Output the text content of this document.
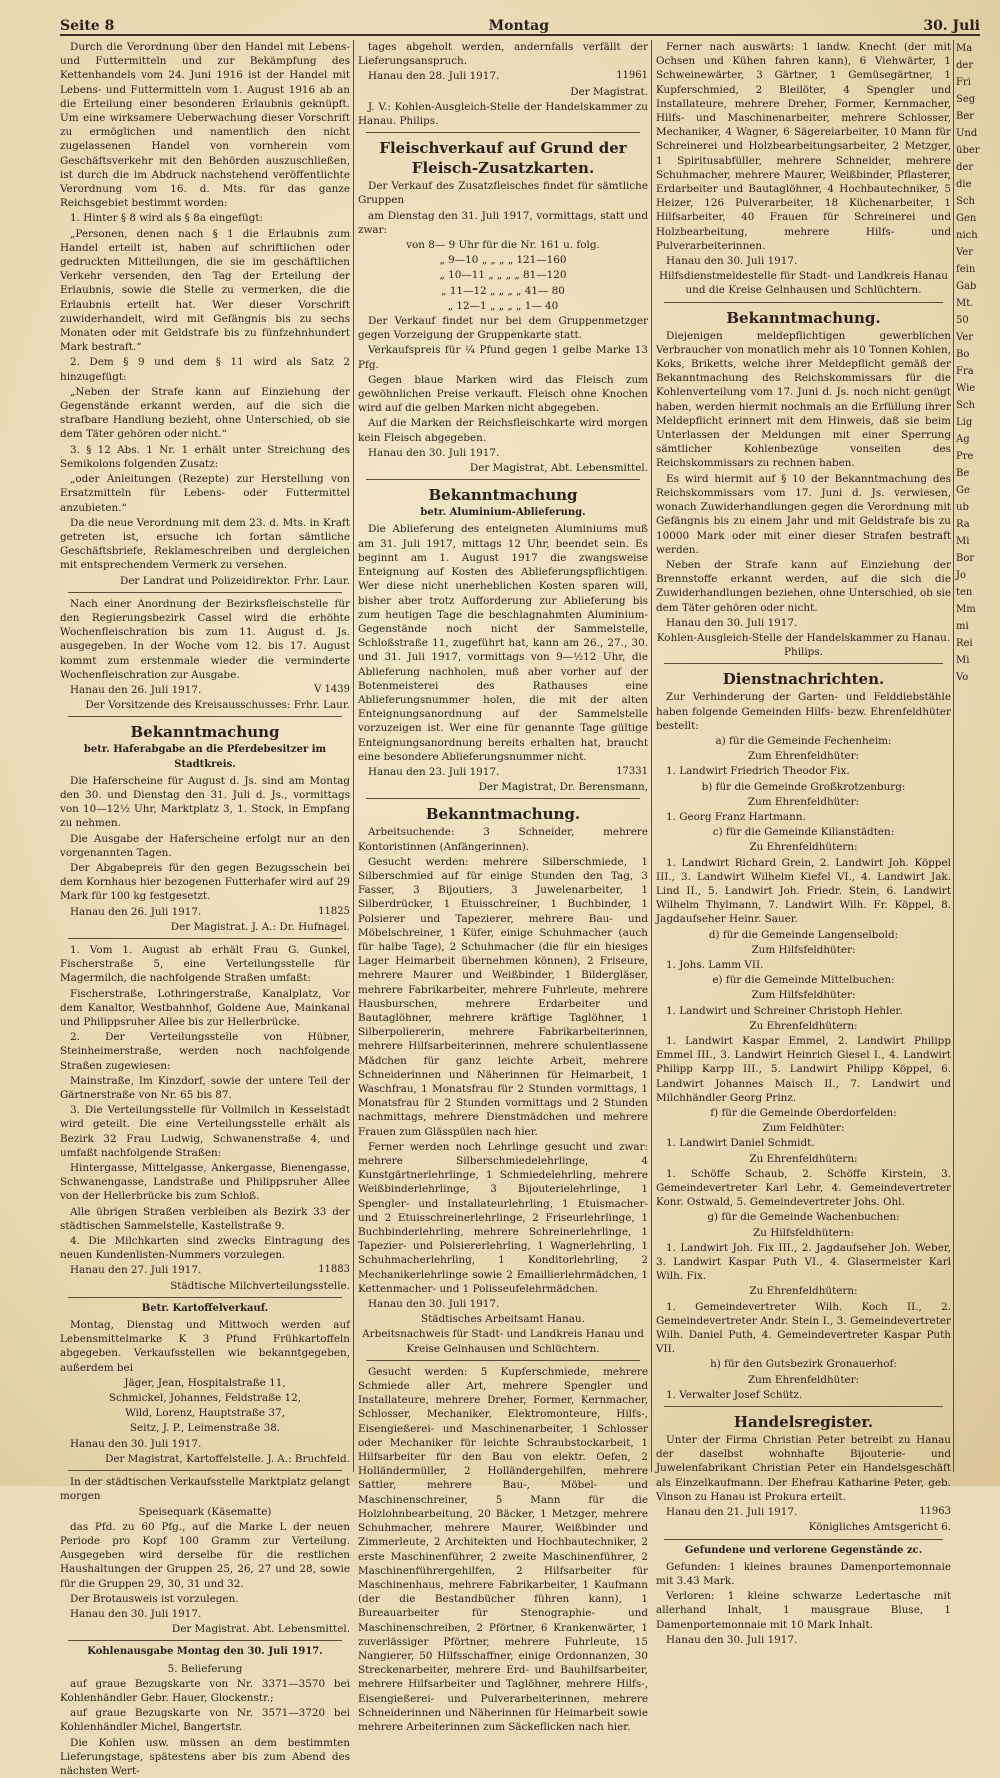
Seite 8	Montag	30. Juli

Durch die Verordnung über den Handel mit Lebens- und Futtermitteln und zur Bekämpfung des Kettenhandels vom 24. Juni 1916 ist der Handel mit Lebens- und Futtermitteln vom 1. August 1916 ab an die Erteilung einer besonderen Erlaubnis geknüpft. Um eine wirksamere Ueberwachung dieser Vorschrift zu ermöglichen und namentlich den nicht zugelassenen Handel von vornherein vom Geschäftsverkehr mit den Behörden auszuschließen, ist durch die im Abdruck nachstehend veröffentlichte Verordnung vom 16. d. Mts. für das ganze Reichsgebiet bestimmt worden:

1. Hinter § 8 wird als § 8a eingefügt:

„Personen, denen nach § 1 die Erlaubnis zum Handel erteilt ist, haben auf schriftlichen oder gedruckten Mitteilungen, die sie im geschäftlichen Verkehr versenden, den Tag der Erteilung der Erlaubnis, sowie die Stelle zu vermerken, die die Erlaubnis erteilt hat. Wer dieser Vorschrift zuwiderhandelt, wird mit Gefängnis bis zu sechs Monaten oder mit Geldstrafe bis zu fünfzehnhundert Mark bestraft.“

2. Dem § 9 und dem § 11 wird als Satz 2 hinzugefügt:

„Neben der Strafe kann auf Einziehung der Gegenstände erkannt werden, auf die sich die strafbare Handlung bezieht, ohne Unterschied, ob sie dem Täter gehören oder nicht.“

3. § 12 Abs. 1 Nr. 1 erhält unter Streichung des Semikolons folgenden Zusatz:

„oder Anleitungen (Rezepte) zur Herstellung von Ersatzmitteln für Lebens- oder Futtermittel anzubieten.“

Da die neue Verordnung mit dem 23. d. Mts. in Kraft getreten ist, ersuche ich fortan sämtliche Geschäftsbriefe, Reklameschreiben und dergleichen mit entsprechendem Vermerk zu versehen.

Der Landrat und Polizeidirektor. Frhr. Laur.

Nach einer Anordnung der Bezirksfleischstelle für den Regierungsbezirk Cassel wird die erhöhte Wochenfleischration bis zum 11. August d. Js. ausgegeben. In der Woche vom 12. bis 17. August kommt zum erstenmale wieder die verminderte Wochenfleischration zur Ausgabe.

V 1439
Hanau den 26. Juli 1917.

Der Vorsitzende des Kreisausschusses: Frhr. Laur.

Bekanntmachung

betr. Haferabgabe an die Pferdebesitzer im Stadtkreis.

Die Haferscheine für August d. Js. sind am Montag den 30. und Dienstag den 31. Juli d. Js., vormittags von 10—12½ Uhr, Marktplatz 3, 1. Stock, in Empfang zu nehmen.

Die Ausgabe der Haferscheine erfolgt nur an den vorgenannten Tagen.

Der Abgabepreis für den gegen Bezugsschein bei dem Kornhaus hier bezogenen Futterhafer wird auf 29 Mark für 100 kg festgesetzt.

11825
Hanau den 26. Juli 1917.

Der Magistrat. J. A.: Dr. Hufnagel.

1. Vom 1. August ab erhält Frau G. Gunkel, Fischerstraße 5, eine Verteilungsstelle für Magermilch, die nachfolgende Straßen umfaßt:

Fischerstraße, Lothringerstraße, Kanalplatz, Vor dem Kanaltor, Westbahnhof, Goldene Aue, Mainkanal und Philippsruher Allee bis zur Hellerbrücke.

2. Der Verteilungsstelle von Hübner, Steinheimerstraße, werden noch nachfolgende Straßen zugewiesen:

Mainstraße, Im Kinzdorf, sowie der untere Teil der Gärtnerstraße von Nr. 65 bis 87.

3. Die Verteilungsstelle für Vollmilch in Kesselstadt wird geteilt. Die eine Verteilungsstelle erhält als Bezirk 32 Frau Ludwig, Schwanenstraße 4, und umfaßt nachfolgende Straßen:

Hintergasse, Mittelgasse, Ankergasse, Bienengasse, Schwanengasse, Landstraße und Philippsruher Allee von der Hellerbrücke bis zum Schloß.

Alle übrigen Straßen verbleiben als Bezirk 33 der städtischen Sammelstelle, Kastellstraße 9.

4. Die Milchkarten sind zwecks Eintragung des neuen Kundenlisten-Nummers vorzulegen.

11883
Hanau den 27. Juli 1917.

Städtische Milchverteilungsstelle.

Betr. Kartoffelverkauf.

Montag, Dienstag und Mittwoch werden auf Lebensmittelmarke K 3 Pfund Frühkartoffeln abgegeben. Verkaufsstellen wie bekanntgegeben, außerdem bei

Jäger, Jean, Hospitalstraße 11,

Schmickel, Johannes, Feldstraße 12,

Wild, Lorenz, Hauptstraße 37,

Seitz, J. P., Leimenstraße 38.

Hanau den 30. Juli 1917.

Der Magistrat, Kartoffelstelle. J. A.: Bruchfeld.

In der städtischen Verkaufsstelle Marktplatz gelangt morgen

Speisequark (Käsematte)

das Pfd. zu 60 Pfg., auf die Marke L der neuen Periode pro Kopf 100 Gramm zur Verteilung. Ausgegeben wird derselbe für die restlichen Haushaltungen der Gruppen 25, 26, 27 und 28, sowie für die Gruppen 29, 30, 31 und 32.

Der Brotausweis ist vorzulegen.

Hanau den 30. Juli 1917.

Der Magistrat. Abt. Lebensmittel.

Kohlenausgabe Montag den 30. Juli 1917.

5. Belieferung

auf graue Bezugskarte von Nr. 3371—3570 bei Kohlenhändler Gebr. Hauer, Glockenstr.;

auf graue Bezugskarte von Nr. 3571—3720 bei Kohlenhändler Michel, Bangertstr.

Die Kohlen usw. müssen an dem bestimmten Lieferungstage, spätestens aber bis zum Abend des nächsten Wert-

tages abgeholt werden, andernfalls verfällt der Lieferungsanspruch.

11961
Hanau den 28. Juli 1917.

Der Magistrat.

J. V.: Kohlen-Ausgleich-Stelle der Handelskammer zu Hanau. Philips.

Fleischverkauf auf Grund der Fleisch-Zusatzkarten.

Der Verkauf des Zusatzfleisches findet für sämtliche Gruppen

am Dienstag den 31. Juli 1917, vormittags, statt und zwar:

von 8— 9 Uhr für die Nr. 161 u. folg.

„ 9—10 „ „ „ „ 121—160

„ 10—11 „ „ „ „ 81—120

„ 11—12 „ „ „ „ 41— 80

„ 12—1 „ „ „ „ 1— 40

Der Verkauf findet nur bei dem Gruppenmetzger gegen Vorzeigung der Gruppenkarte statt.

Verkaufspreis für ¼ Pfund gegen 1 gelbe Marke 13 Pfg.

Gegen blaue Marken wird das Fleisch zum gewöhnlichen Preise verkauft. Fleisch ohne Knochen wird auf die gelben Marken nicht abgegeben.

Auf die Marken der Reichsfleischkarte wird morgen kein Fleisch abgegeben.

Hanau den 30. Juli 1917.

Der Magistrat, Abt. Lebensmittel.

Bekanntmachung

betr. Aluminium-Ablieferung.

Die Ablieferung des enteigneten Aluminiums muß am 31. Juli 1917, mittags 12 Uhr, beendet sein. Es beginnt am 1. August 1917 die zwangsweise Enteignung auf Kosten des Ablieferungspflichtigen. Wer diese nicht unerheblichen Kosten sparen will, bisher aber trotz Aufforderung zur Ablieferung bis zum heutigen Tage die beschlagnahmten Aluminium-Gegenstände noch nicht der Sammelstelle, Schloßstraße 11, zugeführt hat, kann am 26., 27., 30. und 31. Juli 1917, vormittags von 9—½12 Uhr, die Ablieferung nachholen, muß aber vorher auf der Botenmeisterei des Rathauses eine Ablieferungsnummer holen, die mit der alten Enteignungsanordnung auf der Sammelstelle vorzuzeigen ist. Wer eine für genannte Tage gültige Enteignungsanordnung bereits erhalten hat, braucht eine besondere Ablieferungsnummer nicht.

17331
Hanau den 23. Juli 1917.

Der Magistrat, Dr. Berensmann,

Bekanntmachung.

Arbeitsuchende: 3 Schneider, mehrere Kontoristinnen (Anfängerinnen).

Gesucht werden: mehrere Silberschmiede, 1 Silberschmied auf für einige Stunden den Tag, 3 Fasser, 3 Bijoutiers, 3 Juwelenarbeiter, 1 Silberdrücker, 1 Etuisschreiner, 1 Buchbinder, 1 Polsierer und Tapezierer, mehrere Bau- und Möbelschreiner, 1 Küfer, einige Schuhmacher (auch für halbe Tage), 2 Schuhmacher (die für ein hiesiges Lager Heimarbeit übernehmen können), 2 Friseure, mehrere Maurer und Weißbinder, 1 Bildergläser, mehrere Fabrikarbeiter, mehrere Fuhrleute, mehrere Hausburschen, mehrere Erdarbeiter und Bautaglöhner, mehrere kräftige Taglöhner, 1 Silberpoliererin, mehrere Fabrikarbeiterinnen, mehrere Hilfsarbeiterinnen, mehrere schulentlassene Mädchen für ganz leichte Arbeit, mehrere Schneiderinnen und Näherinnen für Heimarbeit, 1 Waschfrau, 1 Monatsfrau für 2 Stunden vormittags, 1 Monatsfrau für 2 Stunden vormittags und 2 Stunden nachmittags, mehrere Dienstmädchen und mehrere Frauen zum Glässpülen nach hier.

Ferner werden noch Lehrlinge gesucht und zwar: mehrere Silberschmiedelehrlinge, 4 Kunstgärtnerlehrlinge, 1 Schmiedelehrling, mehrere Weißbinderlehrlinge, 3 Bijouterielehrlinge, 1 Spengler- und Installateurlehrling, 1 Etuismacher- und 2 Etuisschreinerlehrlinge, 2 Friseurlehrlinge, 1 Buchbinderlehrling, mehrere Schreinerlehrlinge, 1 Tapezier- und Polsiererlehrling, 1 Wagnerlehrling, 1 Schuhmacherlehrling, 1 Konditorlehrling, 2 Mechanikerlehrlinge sowie 2 Emaillierlehrmädchen, 1 Kettenmacher- und 1 Polisseufelehrmädchen.

Hanau den 30. Juli 1917.

Städtisches Arbeitsamt Hanau.

Arbeitsnachweis für Stadt- und Landkreis Hanau und Kreise Gelnhausen und Schlüchtern.

Gesucht werden: 5 Kupferschmiede, mehrere Schmiede aller Art, mehrere Spengler und Installateure, mehrere Dreher, Former, Kernmacher, Schlosser, Mechaniker, Elektromonteure, Hilfs-, Eisengießerei- und Maschinenarbeiter, 1 Schlosser oder Mechaniker für leichte Schraubstockarbeit, 1 Hilfsarbeiter für den Bau von elektr. Oefen, 2 Holländermüller, 2 Holländergehilfen, mehrere Sattler, mehrere Bau-, Möbel- und Maschinenschreiner, 5 Mann für die Holzlohnbearbeitung, 20 Bäcker, 1 Metzger, mehrere Schuhmacher, mehrere Maurer, Weißbinder und Zimmerleute, 2 Architekten und Hochbautechniker, 2 erste Maschinenführer, 2 zweite Maschinenführer, 2 Maschinenführergehilfen, 2 Hilfsarbeiter für Maschinenhaus, mehrere Fabrikarbeiter, 1 Kaufmann (der die Bestandbücher führen kann), 1 Bureauarbeiter für Stenographie- und Maschinenschreiben, 2 Pförtner, 6 Krankenwärter, 1 zuverlässiger Pförtner, mehrere Fuhrleute, 15 Nangierer, 50 Hilfsschaffner, einige Ordonnanzen, 30 Streckenarbeiter, mehrere Erd- und Bauhilfsarbeiter, mehrere Hilfsarbeiter und Taglöhner, mehrere Hilfs-, Eisengießerei- und Pulverarbeiterinnen, mehrere Schneiderinnen und Näherinnen für Heimarbeit sowie mehrere Arbeiterinnen zum Säckeflicken nach hier.

Ferner nach auswärts: 1 landw. Knecht (der mit Ochsen und Kühen fahren kann), 6 Viehwärter, 1 Schweinewärter, 3 Gärtner, 1 Gemüsegärtner, 1 Kupferschmied, 2 Bleilöter, 4 Spengler und Installateure, mehrere Dreher, Former, Kernmacher, Hilfs- und Maschinenarbeiter, mehrere Schlosser, Mechaniker, 4 Wagner, 6 Sägereiarbeiter, 10 Mann für Schreinerei und Holzbearbeitungsarbeiter, 2 Metzger, 1 Spiritusabfüller, mehrere Schneider, mehrere Schuhmacher, mehrere Maurer, Weißbinder, Pflasterer, Erdarbeiter und Bautaglöhner, 4 Hochbautechniker, 5 Heizer, 126 Pulverarbeiter, 18 Küchenarbeiter, 1 Hilfsarbeiter, 40 Frauen für Schreinerei und Holzbearbeitung, mehrere Hilfs- und Pulverarbeiterinnen.

Hanau den 30. Juli 1917.

Hilfsdienstmeldestelle für Stadt- und Landkreis Hanau und die Kreise Gelnhausen und Schlüchtern.

Bekanntmachung.

Diejenigen meldepflichtigen gewerblichen Verbraucher von monatlich mehr als 10 Tonnen Kohlen, Koks, Briketts, welche ihrer Meldepflicht gemäß der Bekanntmachung des Reichskommissars für die Kohlenverteilung vom 17. Juni d. Js. noch nicht genügt haben, werden hiermit nochmals an die Erfüllung ihrer Meldepflicht erinnert mit dem Hinweis, daß sie beim Unterlassen der Meldungen mit einer Sperrung sämtlicher Kohlenbezüge vonseiten des Reichskommissars zu rechnen haben.

Es wird hiermit auf § 10 der Bekanntmachung des Reichskommissars vom 17. Juni d. Js. verwiesen, wonach Zuwiderhandlungen gegen die Verordnung mit Gefängnis bis zu einem Jahr und mit Geldstrafe bis zu 10000 Mark oder mit einer dieser Strafen bestraft werden.

Neben der Strafe kann auf Einziehung der Brennstoffe erkannt werden, auf die sich die Zuwiderhandlungen beziehen, ohne Unterschied, ob sie dem Täter gehören oder nicht.

Hanau den 30. Juli 1917.

Kohlen-Ausgleich-Stelle der Handelskammer zu Hanau. Philips.

Dienstnachrichten.

Zur Verhinderung der Garten- und Felddiebstähle haben folgende Gemeinden Hilfs- bezw. Ehrenfeldhüter bestellt:

a) für die Gemeinde Fechenheim:

Zum Ehrenfeldhüter:

1. Landwirt Friedrich Theodor Fix.

b) für die Gemeinde Großkrotzenburg:

Zum Ehrenfeldhüter:

1. Georg Franz Hartmann.

c) für die Gemeinde Kilianstädten:

Zu Ehrenfeldhütern:

1. Landwirt Richard Grein, 2. Landwirt Joh. Köppel III., 3. Landwirt Wilhelm Kiefel VI., 4. Landwirt Jak. Lind II., 5. Landwirt Joh. Friedr. Stein, 6. Landwirt Wilhelm Thylmann, 7. Landwirt Wilh. Fr. Köppel, 8. Jagdaufseher Heinr. Sauer.

d) für die Gemeinde Langenselbold:

Zum Hilfsfeldhüter:

1. Johs. Lamm VII.

e) für die Gemeinde Mittelbuchen:

Zum Hilfsfeldhüter:

1. Landwirt und Schreiner Christoph Hehler.

Zu Ehrenfeldhütern:

1. Landwirt Kaspar Emmel, 2. Landwirt Philipp Emmel III., 3. Landwirt Heinrich Giesel I., 4. Landwirt Philipp Karpp III., 5. Landwirt Philipp Köppel, 6. Landwirt Johannes Maisch II., 7. Landwirt und Milchhändler Georg Prinz.

f) für die Gemeinde Oberdorfelden:

Zum Feldhüter:

1. Landwirt Daniel Schmidt.

Zu Ehrenfeldhütern:

1. Schöffe Schaub, 2. Schöffe Kirstein, 3. Gemeindevertreter Karl Lehr, 4. Gemeindevertreter Konr. Ostwald, 5. Gemeindevertreter Johs. Ohl.

g) für die Gemeinde Wachenbuchen:

Zu Hilfsfeldhütern:

1. Landwirt Joh. Fix III., 2. Jagdaufseher Joh. Weber, 3. Landwirt Kaspar Puth VI., 4. Glasermeister Karl Wilh. Fix.

Zu Ehrenfeldhütern:

1. Gemeindevertreter Wilh. Koch II., 2. Gemeindevertreter Andr. Stein I., 3. Gemeindevertreter Wilh. Daniel Puth, 4. Gemeindevertreter Kaspar Puth VII.

h) für den Gutsbezirk Gronauerhof:

Zum Ehrenfeldhüter:

1. Verwalter Josef Schütz.

Handelsregister.

Unter der Firma Christian Peter betreibt zu Hanau der daselbst wohnhafte Bijouterie- und Juwelenfabrikant Christian Peter ein Handelsgeschäft als Einzelkaufmann. Der Ehefrau Katharine Peter, geb. Vinson zu Hanau ist Prokura erteilt.

11963
Hanau den 21. Juli 1917.

Königliches Amtsgericht 6.

Gefundene und verlorene Gegenstände zc.

Gefunden: 1 kleines braunes Damenportemonnaie mit 3.43 Mark.

Verloren: 1 kleine schwarze Ledertasche mit allerhand Inhalt, 1 mausgraue Bluse, 1 Damenportemonnaie mit 10 Mark Inhalt.

Hanau den 30. Juli 1917.

Ma
der
Fri
Seg
Ber
Und
über
der
die
Sch
Gen
nich
Ver
fein
Gab
Mt.
50
Ver
Bo
Fra
Wie
Sch
Lig
Ag
Pre
Be
Ge
ub
Ra
Mi
Bor
Jo
ten
Mm
mi
Rei
Mi
Vo
